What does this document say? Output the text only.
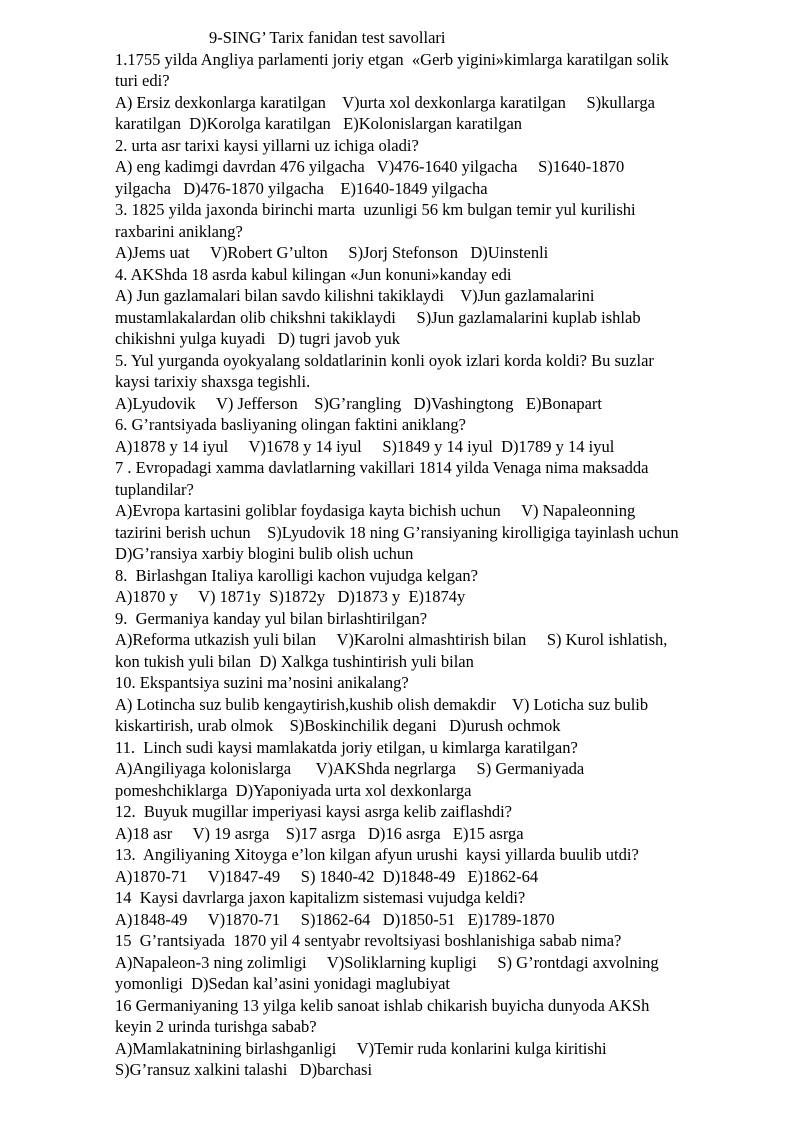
9-SING’ Tarix fanidan test savollari
1.1755 yilda Angliya parlamenti joriy etgan  «Gerb yigini»kimlarga karatilgan solik
turi edi?
A) Ersiz dexkonlarga karatilgan    V)urta xol dexkonlarga karatilgan     S)kullarga
karatilgan  D)Korolga karatilgan   E)Kolonislargan karatilgan
2. urta asr tarixi kaysi yillarni uz ichiga oladi?
A) eng kadimgi davrdan 476 yilgacha   V)476-1640 yilgacha     S)1640-1870
yilgacha   D)476-1870 yilgacha    E)1640-1849 yilgacha
3. 1825 yilda jaxonda birinchi marta  uzunligi 56 km bulgan temir yul kurilishi
raxbarini aniklang?
A)Jems uat     V)Robert G’ulton     S)Jorj Stefonson   D)Uinstenli
4. AKShda 18 asrda kabul kilingan «Jun konuni»kanday edi
A) Jun gazlamalari bilan savdo kilishni takiklaydi    V)Jun gazlamalarini
mustamlakalardan olib chikshni takiklaydi     S)Jun gazlamalarini kuplab ishlab
chikishni yulga kuyadi   D) tugri javob yuk
5. Yul yurganda oyokyalang soldatlarinin konli oyok izlari korda koldi? Bu suzlar
kaysi tarixiy shaxsga tegishli.
A)Lyudovik     V) Jefferson    S)G’rangling   D)Vashingtong   E)Bonapart
6. G’rantsiyada basliyaning olingan faktini aniklang?
A)1878 y 14 iyul     V)1678 y 14 iyul     S)1849 y 14 iyul  D)1789 y 14 iyul
7 . Evropadagi xamma davlatlarning vakillari 1814 yilda Venaga nima maksadda
tuplandilar?
A)Evropa kartasini goliblar foydasiga kayta bichish uchun     V) Napaleonning
tazirini berish uchun    S)Lyudovik 18 ning G’ransiyaning kirolligiga tayinlash uchun
D)G’ransiya xarbiy blogini bulib olish uchun
8.  Birlashgan Italiya karolligi kachon vujudga kelgan?
A)1870 y     V) 1871y  S)1872y   D)1873 y  E)1874y
9.  Germaniya kanday yul bilan birlashtirilgan?
A)Reforma utkazish yuli bilan     V)Karolni almashtirish bilan     S) Kurol ishlatish,
kon tukish yuli bilan  D) Xalkga tushintirish yuli bilan
10. Ekspantsiya suzini ma’nosini anikalang?
A) Lotincha suz bulib kengaytirish,kushib olish demakdir    V) Loticha suz bulib
kiskartirish, urab olmok    S)Boskinchilik degani   D)urush ochmok
11.  Linch sudi kaysi mamlakatda joriy etilgan, u kimlarga karatilgan?
A)Angiliyaga kolonislarga      V)AKShda negrlarga     S) Germaniyada
pomeshchiklarga  D)Yaponiyada urta xol dexkonlarga
12.  Buyuk mugillar imperiyasi kaysi asrga kelib zaiflashdi?
A)18 asr     V) 19 asrga    S)17 asrga   D)16 asrga   E)15 asrga
13.  Angiliyaning Xitoyga e’lon kilgan afyun urushi  kaysi yillarda buulib utdi?
A)1870-71     V)1847-49     S) 1840-42  D)1848-49   E)1862-64
14  Kaysi davrlarga jaxon kapitalizm sistemasi vujudga keldi?
A)1848-49     V)1870-71     S)1862-64   D)1850-51   E)1789-1870
15  G’rantsiyada  1870 yil 4 sentyabr revoltsiyasi boshlanishiga sabab nima?
A)Napaleon-3 ning zolimligi     V)Soliklarning kupligi     S) G’rontdagi axvolning
yomonligi  D)Sedan kal’asini yonidagi maglubiyat
16 Germaniyaning 13 yilga kelib sanoat ishlab chikarish buyicha dunyoda AKSh
keyin 2 urinda turishga sabab?
A)Mamlakatnining birlashganligi     V)Temir ruda konlarini kulga kiritishi
S)G’ransuz xalkini talashi   D)barchasi
